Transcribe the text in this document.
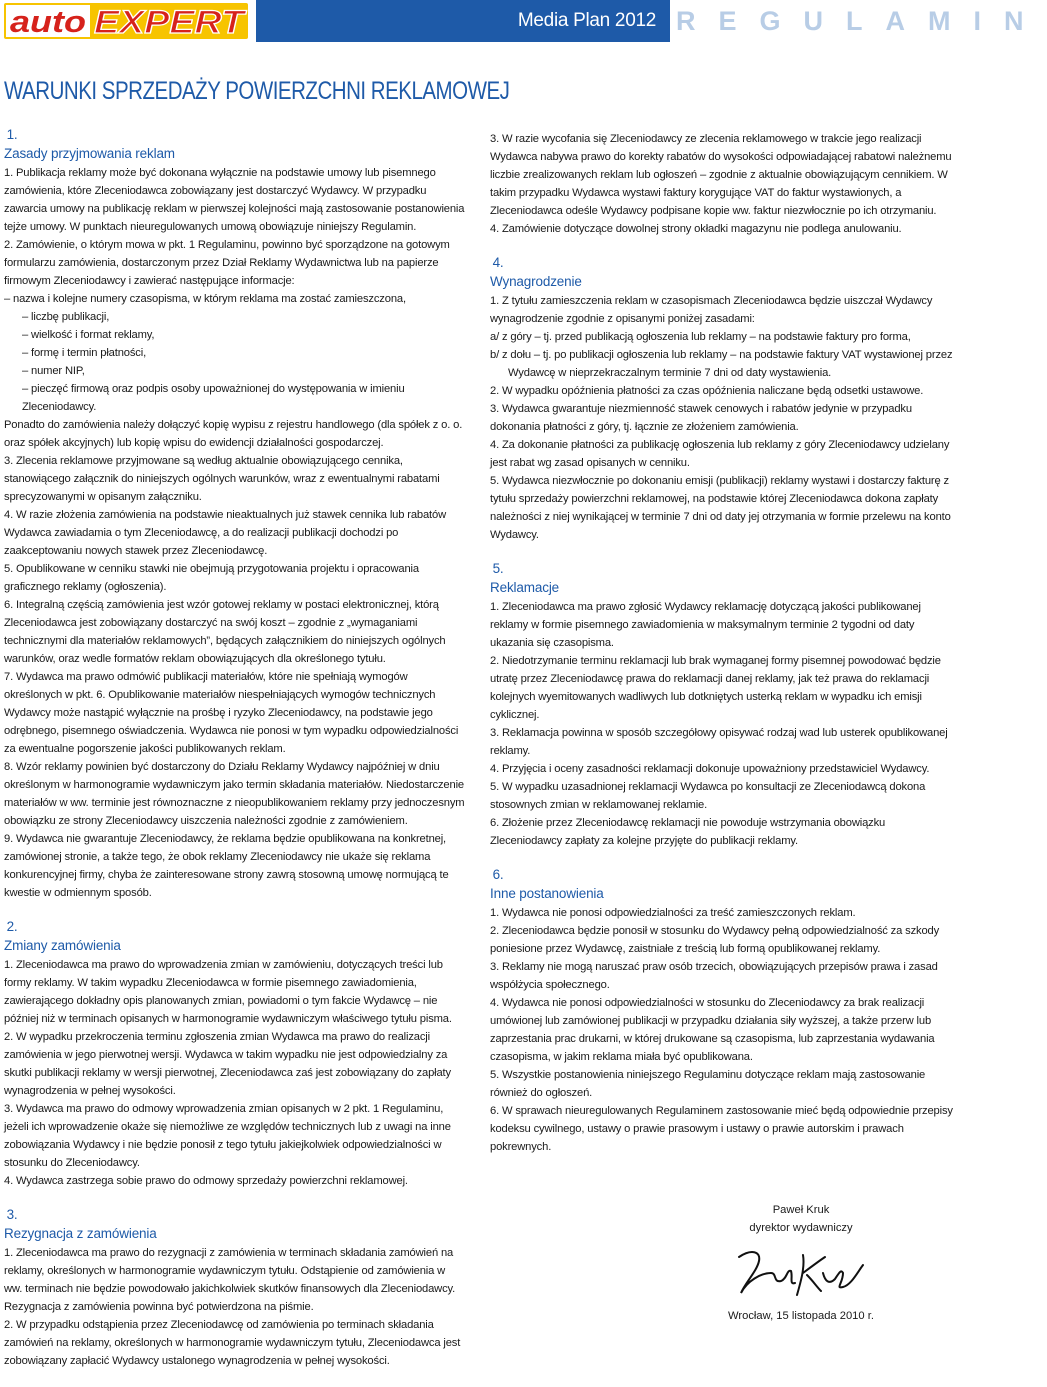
auto EXPERT	Media Plan 2012 REGULAMIN
WARUNKI SPRZEDAŻY POWIERZCHNI REKLAMOWEJ
1.
Zasady przyjmowania reklam

1. Publikacja reklamy może być dokonana wyłącznie na podstawie umowy lub pisemnego zamówienia, które Zleceniodawca zobowiązany jest dostarczyć Wydawcy. W przypadku zawarcia umowy na publikację reklam w pierwszej kolejności mają zastosowanie postanowienia tejże umowy. W punktach nieuregulowanych umową obowiązuje niniejszy Regulamin.

2. Zamówienie, o którym mowa w pkt. 1 Regulaminu, powinno być sporządzone na gotowym formularzu zamówienia, dostarczonym przez Dział Reklamy Wydawnictwa lub na papierze firmowym Zleceniodawcy i zawierać następujące informacje:

– nazwa i kolejne numery czasopisma, w którym reklama ma zostać zamieszczona,

– liczbę publikacji,

– wielkość i format reklamy,

– formę i termin płatności,

– numer NIP,

– pieczęć firmową oraz podpis osoby upoważnionej do występowania w imieniu Zleceniodawcy.

Ponadto do zamówienia należy dołączyć kopię wypisu z rejestru handlowego (dla spółek z o. o. oraz spółek akcyjnych) lub kopię wpisu do ewidencji działalności gospodarczej.

3. Zlecenia reklamowe przyjmowane są według aktualnie obowiązującego cennika, stanowiącego załącznik do niniejszych ogólnych warunków, wraz z ewentualnymi rabatami sprecyzowanymi w opisanym załączniku.

4. W razie złożenia zamówienia na podstawie nieaktualnych już stawek cennika lub rabatów Wydawca zawiadamia o tym Zleceniodawcę, a do realizacji publikacji dochodzi po zaakceptowaniu nowych stawek przez Zleceniodawcę.

5. Opublikowane w cenniku stawki nie obejmują przygotowania projektu i opracowania graficznego reklamy (ogłoszenia).

6. Integralną częścią zamówienia jest wzór gotowej reklamy w postaci elektronicznej, którą Zleceniodawca jest zobowiązany dostarczyć na swój koszt – zgodnie z „wymaganiami technicznymi dla materiałów reklamowych”, będących załącznikiem do niniejszych ogólnych warunków, oraz wedle formatów reklam obowiązujących dla określonego tytułu.

7. Wydawca ma prawo odmówić publikacji materiałów, które nie spełniają wymogów określonych w pkt. 6. Opublikowanie materiałów niespełniających wymogów technicznych Wydawcy może nastąpić wyłącznie na prośbę i ryzyko Zleceniodawcy, na podstawie jego odrębnego, pisemnego oświadczenia. Wydawca nie ponosi w tym wypadku odpowiedzialności za ewentualne pogorszenie jakości publikowanych reklam.

8. Wzór reklamy powinien być dostarczony do Działu Reklamy Wydawcy najpóźniej w dniu określonym w harmonogramie wydawniczym jako termin składania materiałów. Niedostarczenie materiałów w ww. terminie jest równoznaczne z nieopublikowaniem reklamy przy jednoczesnym obowiązku ze strony Zleceniodawcy uiszczenia należności zgodnie z zamówieniem.

9. Wydawca nie gwarantuje Zleceniodawcy, że reklama będzie opublikowana na konkretnej, zamówionej stronie, a także tego, że obok reklamy Zleceniodawcy nie ukaże się reklama konkurencyjnej firmy, chyba że zainteresowane strony zawrą stosowną umowę normującą te kwestie w odmiennym sposób.

2.
Zmiany zamówienia

1. Zleceniodawca ma prawo do wprowadzenia zmian w zamówieniu, dotyczących treści lub formy reklamy. W takim wypadku Zleceniodawca w formie pisemnego zawiadomienia, zawierającego dokładny opis planowanych zmian, powiadomi o tym fakcie Wydawcę – nie później niż w terminach opisanych w harmonogramie wydawniczym właściwego tytułu pisma.

2. W wypadku przekroczenia terminu zgłoszenia zmian Wydawca ma prawo do realizacji zamówienia w jego pierwotnej wersji. Wydawca w takim wypadku nie jest odpowiedzialny za skutki publikacji reklamy w wersji pierwotnej, Zleceniodawca zaś jest zobowiązany do zapłaty wynagrodzenia w pełnej wysokości.

3. Wydawca ma prawo do odmowy wprowadzenia zmian opisanych w 2 pkt. 1 Regulaminu, jeżeli ich wprowadzenie okaże się niemożliwe ze względów technicznych lub z uwagi na inne zobowiązania Wydawcy i nie będzie ponosił z tego tytułu jakiejkolwiek odpowiedzialności w stosunku do Zleceniodawcy.

4. Wydawca zastrzega sobie prawo do odmowy sprzedaży powierzchni reklamowej.

3.
Rezygnacja z zamówienia

1. Zleceniodawca ma prawo do rezygnacji z zamówienia w terminach składania zamówień na reklamy, określonych w harmonogramie wydawniczym tytułu. Odstąpienie od zamówienia w ww. terminach nie będzie powodowało jakichkolwiek skutków finansowych dla Zleceniodawcy. Rezygnacja z zamówienia powinna być potwierdzona na piśmie.

2. W przypadku odstąpienia przez Zleceniodawcę od zamówienia po terminach składania zamówień na reklamy, określonych w harmonogramie wydawniczym tytułu, Zleceniodawca jest zobowiązany zapłacić Wydawcy ustalonego wynagrodzenia w pełnej wysokości.

3. W razie wycofania się Zleceniodawcy ze zlecenia reklamowego w trakcie jego realizacji Wydawca nabywa prawo do korekty rabatów do wysokości odpowiadającej rabatowi należnemu liczbie zrealizowanych reklam lub ogłoszeń – zgodnie z aktualnie obowiązującym cennikiem. W takim przypadku Wydawca wystawi faktury korygujące VAT do faktur wystawionych, a Zleceniodawca odeśle Wydawcy podpisane kopie ww. faktur niezwłocznie po ich otrzymaniu.

4. Zamówienie dotyczące dowolnej strony okładki magazynu nie podlega anulowaniu.

4.
Wynagrodzenie

1. Z tytułu zamieszczenia reklam w czasopismach Zleceniodawca będzie uiszczał Wydawcy wynagrodzenie zgodnie z opisanymi poniżej zasadami:

a/ z góry – tj. przed publikacją ogłoszenia lub reklamy – na podstawie faktury pro forma,

b/ z dołu – tj. po publikacji ogłoszenia lub reklamy – na podstawie faktury VAT wystawionej przez

Wydawcę w nieprzekraczalnym terminie 7 dni od daty wystawienia.

2. W wypadku opóźnienia płatności za czas opóźnienia naliczane będą odsetki ustawowe.

3. Wydawca gwarantuje niezmienność stawek cenowych i rabatów jedynie w przypadku dokonania płatności z góry, tj. łącznie ze złożeniem zamówienia.

4. Za dokonanie płatności za publikację ogłoszenia lub reklamy z góry Zleceniodawcy udzielany jest rabat wg zasad opisanych w cenniku.

5. Wydawca niezwłocznie po dokonaniu emisji (publikacji) reklamy wystawi i dostarczy fakturę z tytułu sprzedaży powierzchni reklamowej, na podstawie której Zleceniodawca dokona zapłaty należności z niej wynikającej w terminie 7 dni od daty jej otrzymania w formie przelewu na konto Wydawcy.

5.
Reklamacje

1. Zleceniodawca ma prawo zgłosić Wydawcy reklamację dotyczącą jakości publikowanej reklamy w formie pisemnego zawiadomienia w maksymalnym terminie 2 tygodni od daty ukazania się czasopisma.

2. Niedotrzymanie terminu reklamacji lub brak wymaganej formy pisemnej powodować będzie utratę przez Zleceniodawcę prawa do reklamacji danej reklamy, jak też prawa do reklamacji kolejnych wyemitowanych wadliwych lub dotkniętych usterką reklam w wypadku ich emisji cyklicznej.

3. Reklamacja powinna w sposób szczegółowy opisywać rodzaj wad lub usterek opublikowanej reklamy.

4. Przyjęcia i oceny zasadności reklamacji dokonuje upoważniony przedstawiciel Wydawcy.

5. W wypadku uzasadnionej reklamacji Wydawca po konsultacji ze Zleceniodawcą dokona stosownych zmian w reklamowanej reklamie.

6. Złożenie przez Zleceniodawcę reklamacji nie powoduje wstrzymania obowiązku Zleceniodawcy zapłaty za kolejne przyjęte do publikacji reklamy.

6.
Inne postanowienia

1. Wydawca nie ponosi odpowiedzialności za treść zamieszczonych reklam.

2. Zleceniodawca będzie ponosił w stosunku do Wydawcy pełną odpowiedzialność za szkody poniesione przez Wydawcę, zaistniałe z treścią lub formą opublikowanej reklamy.

3. Reklamy nie mogą naruszać praw osób trzecich, obowiązujących przepisów prawa i zasad współżycia społecznego.

4. Wydawca nie ponosi odpowiedzialności w stosunku do Zleceniodawcy za brak realizacji umówionej lub zamówionej publikacji w przypadku działania siły wyższej, a także przerw lub zaprzestania prac drukarni, w której drukowane są czasopisma, lub zaprzestania wydawania czasopisma, w jakim reklama miała być opublikowana.

5. Wszystkie postanowienia niniejszego Regulaminu dotyczące reklam mają zastosowanie również do ogłoszeń.

6. W sprawach nieuregulowanych Regulaminem zastosowanie mieć będą odpowiednie przepisy kodeksu cywilnego, ustawy o prawie prasowym i ustawy o prawie autorskim i prawach pokrewnych.

Paweł Kruk
dyrektor wydawniczy
Wrocław, 15 listopada 2010 r.
